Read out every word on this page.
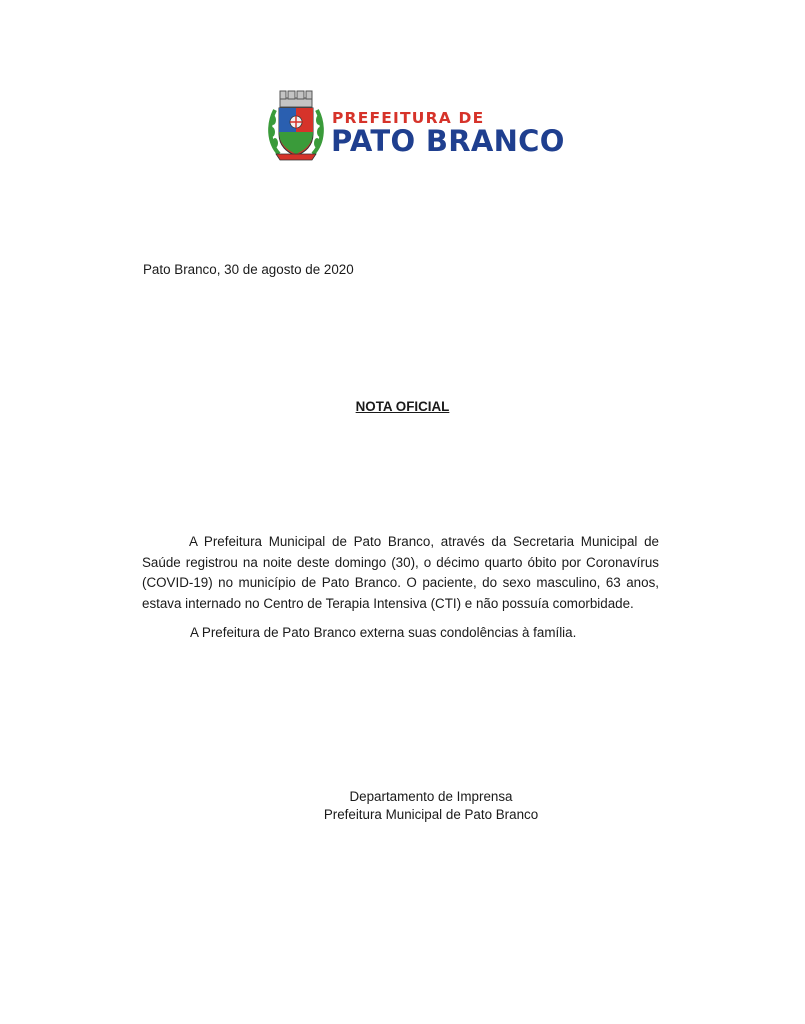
PREFEITURA DE
PATO BRANCO
Pato Branco, 30 de agosto de 2020
NOTA OFICIAL

A Prefeitura Municipal de Pato Branco, através da Secretaria Municipal de Saúde registrou na noite deste domingo (30), o décimo quarto óbito por Coronavírus (COVID-19) no município de Pato Branco. O paciente, do sexo masculino, 63 anos, estava internado no Centro de Terapia Intensiva (CTI) e não possuía comorbidade.

A Prefeitura de Pato Branco externa suas condolências à família.
Departamento de Imprensa
Prefeitura Municipal de Pato Branco
